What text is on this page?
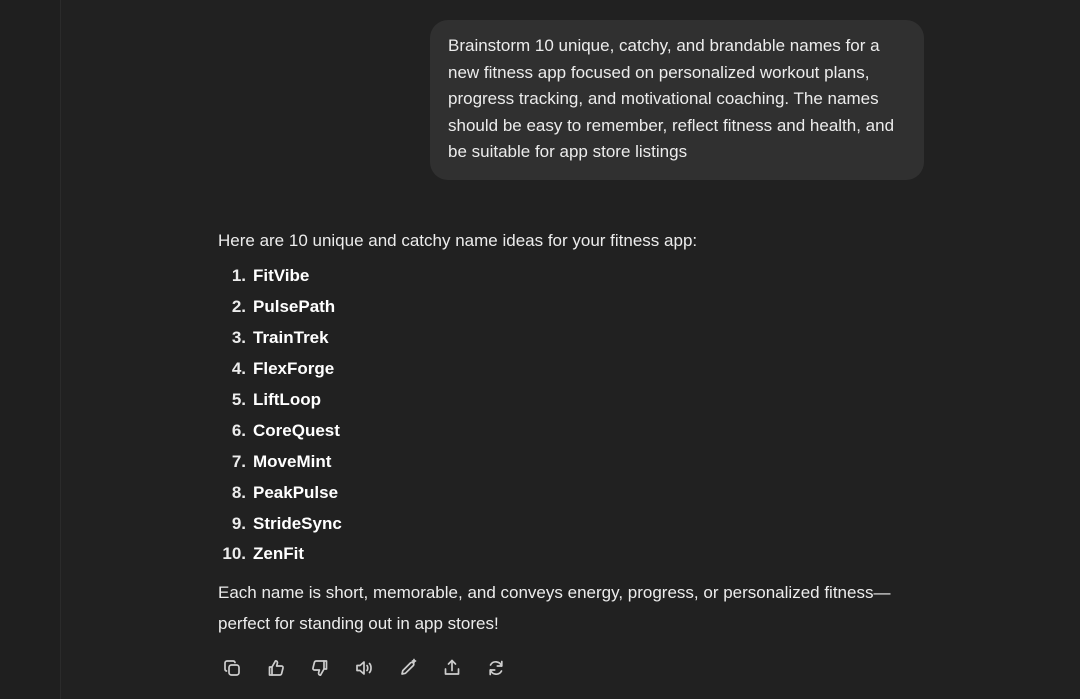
Brainstorm 10 unique, catchy, and brandable names for a new fitness app focused on personalized workout plans, progress tracking, and motivational coaching. The names should be easy to remember, reflect fitness and health, and be suitable for app store listings

Here are 10 unique and catchy name ideas for your fitness app:

1. FitVibe
2. PulsePath
3. TrainTrek
4. FlexForge
5. LiftLoop
6. CoreQuest
7. MoveMint
8. PeakPulse
9. StrideSync
10. ZenFit

Each name is short, memorable, and conveys energy, progress, or personalized fitness—perfect for standing out in app stores!
